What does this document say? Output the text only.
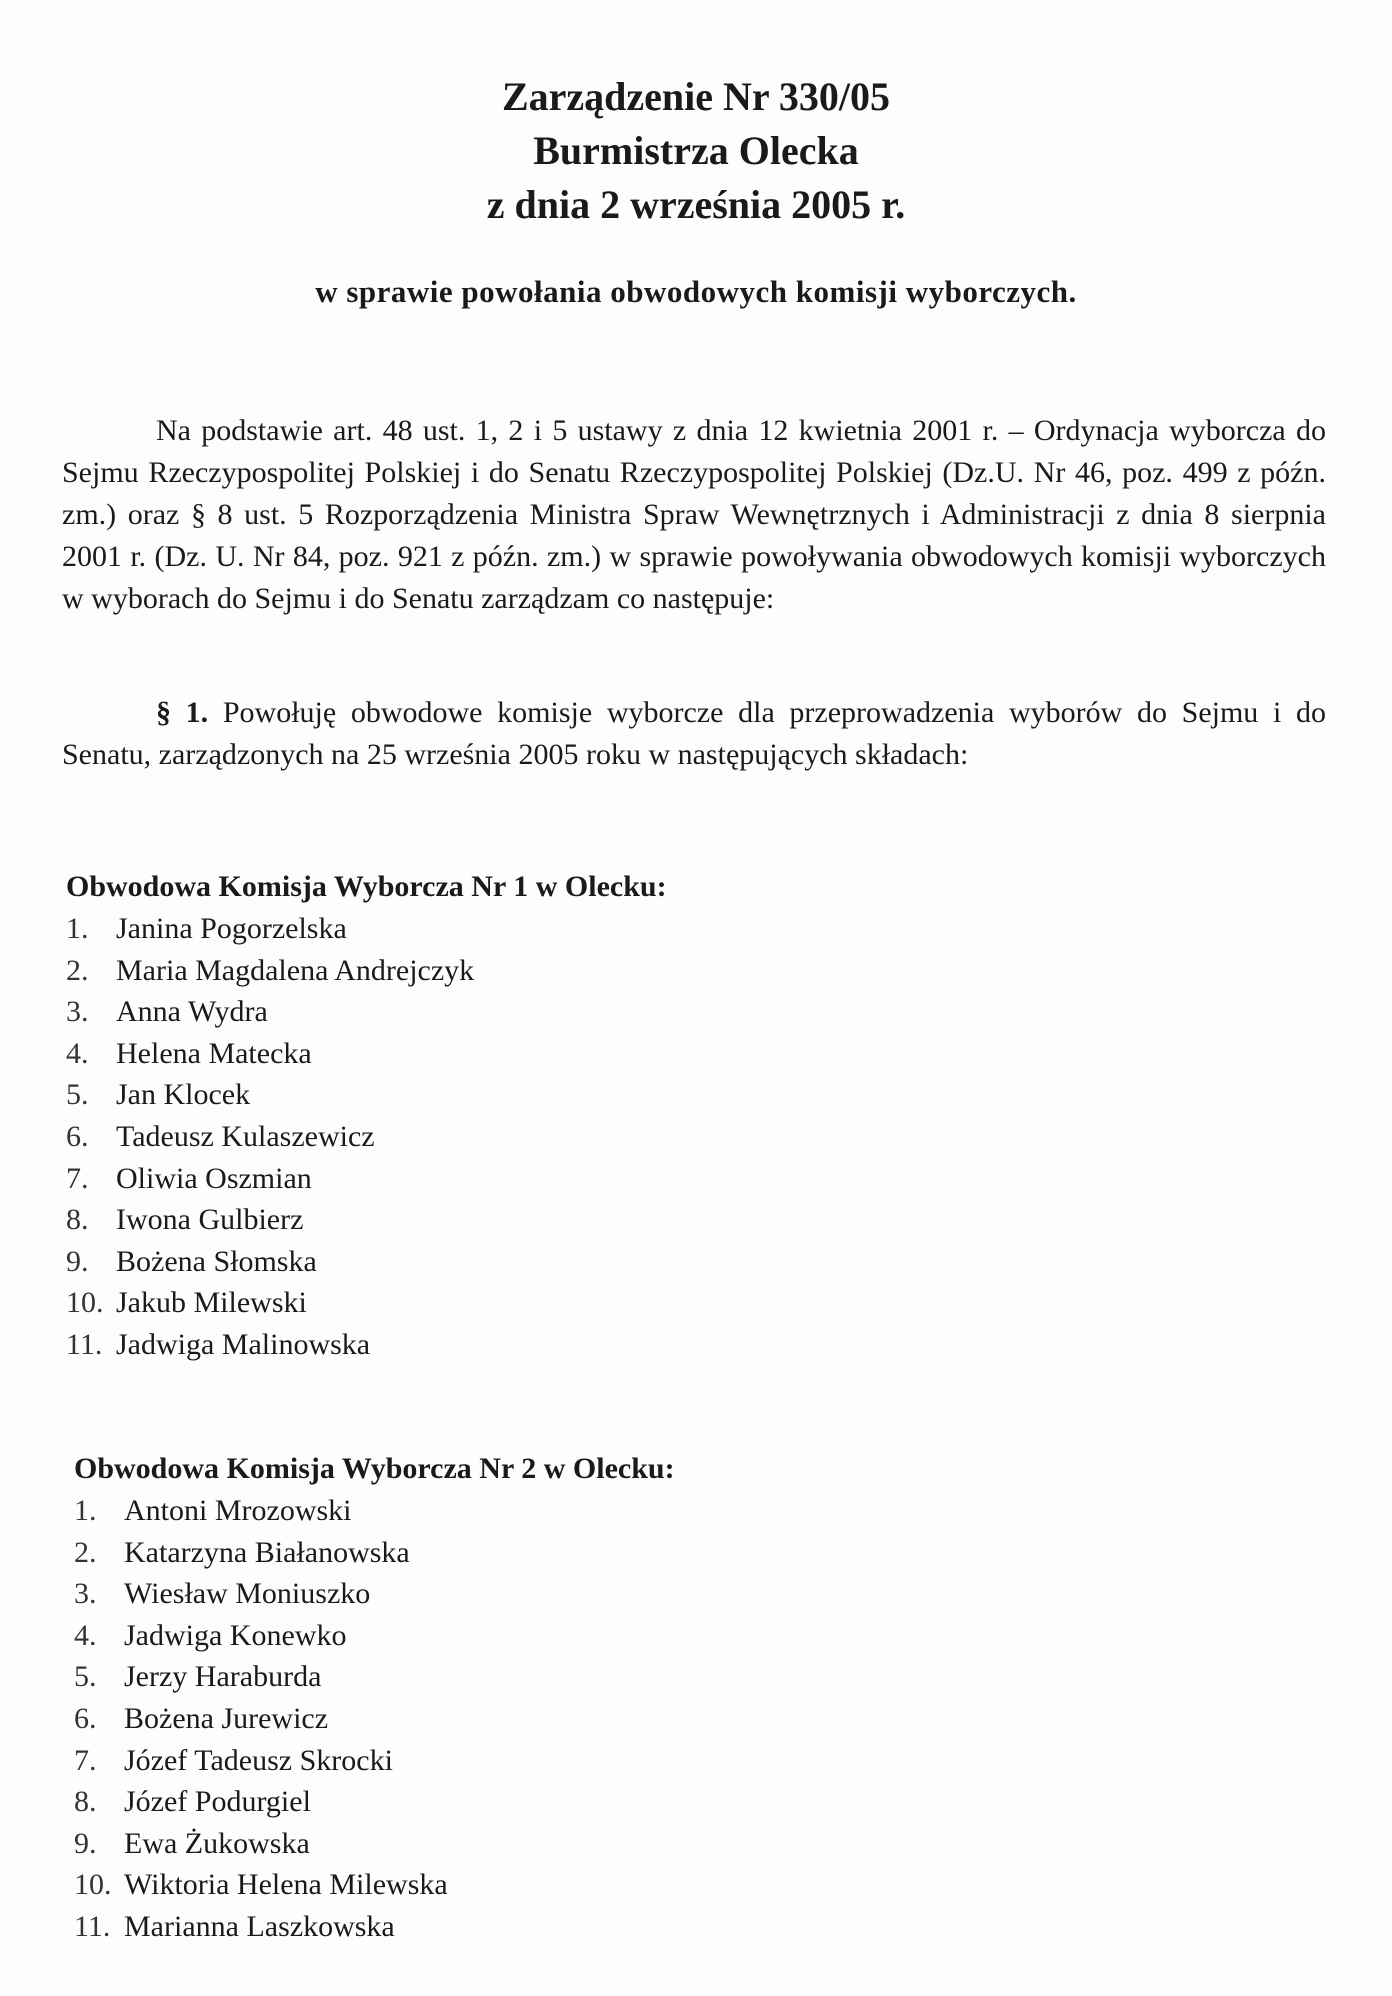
Zarządzenie Nr 330/05
Burmistrza Olecka
z dnia 2 września 2005 r.
w sprawie powołania obwodowych komisji wyborczych.
Na podstawie art. 48 ust. 1, 2 i 5 ustawy z dnia 12 kwietnia 2001 r. – Ordynacja wyborcza do Sejmu Rzeczypospolitej Polskiej i do Senatu Rzeczypospolitej Polskiej (Dz.U. Nr 46, poz. 499 z późn. zm.) oraz § 8 ust. 5 Rozporządzenia Ministra Spraw Wewnętrznych i Administracji z dnia 8 sierpnia 2001 r. (Dz. U. Nr 84, poz. 921 z późn. zm.) w sprawie powoływania obwodowych komisji wyborczych w wyborach do Sejmu i do Senatu zarządzam co następuje:
§ 1. Powołuję obwodowe komisje wyborcze dla przeprowadzenia wyborów do Sejmu i do Senatu, zarządzonych na 25 września 2005 roku w następujących składach:
Obwodowa Komisja Wyborcza Nr 1 w Olecku:
1. Janina Pogorzelska
2. Maria Magdalena Andrejczyk
3. Anna Wydra
4. Helena Matecka
5. Jan Klocek
6. Tadeusz Kulaszewicz
7. Oliwia Oszmian
8. Iwona Gulbierz
9. Bożena Słomska
10. Jakub Milewski
11. Jadwiga Malinowska
Obwodowa Komisja Wyborcza Nr 2 w Olecku:
1. Antoni Mrozowski
2. Katarzyna Białanowska
3. Wiesław Moniuszko
4. Jadwiga Konewko
5. Jerzy Haraburda
6. Bożena Jurewicz
7. Józef Tadeusz Skrocki
8. Józef Podurgiel
9. Ewa Żukowska
10. Wiktoria Helena Milewska
11. Marianna Laszkowska
